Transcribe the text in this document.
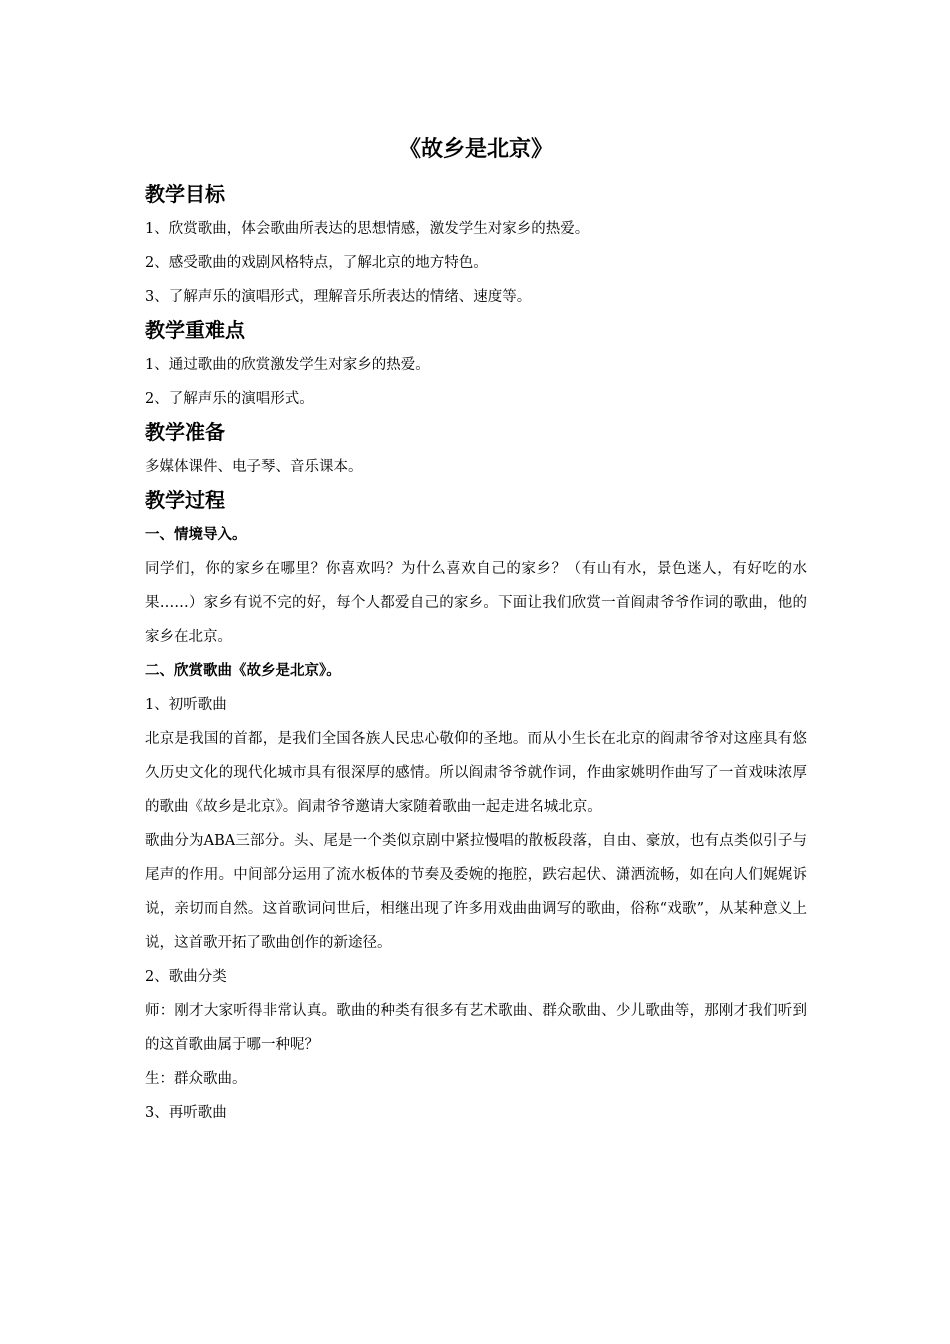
《故乡是北京》
教学目标
1、欣赏歌曲，体会歌曲所表达的思想情感，激发学生对家乡的热爱。
2、感受歌曲的戏剧风格特点，了解北京的地方特色。
3、了解声乐的演唱形式，理解音乐所表达的情绪、速度等。
教学重难点
1、通过歌曲的欣赏激发学生对家乡的热爱。
2、了解声乐的演唱形式。
教学准备
多媒体课件、电子琴、音乐课本。
教学过程
一、情境导入。
同学们，你的家乡在哪里？你喜欢吗？为什么喜欢自己的家乡？（有山有水，景色迷人，有好吃的水果……）家乡有说不完的好，每个人都爱自己的家乡。下面让我们欣赏一首阎肃爷爷作词的歌曲，他的家乡在北京。
二、欣赏歌曲《故乡是北京》。
1、初听歌曲
北京是我国的首都，是我们全国各族人民忠心敬仰的圣地。而从小生长在北京的阎肃爷爷对这座具有悠久历史文化的现代化城市具有很深厚的感情。所以阎肃爷爷就作词，作曲家姚明作曲写了一首戏味浓厚的歌曲《故乡是北京》。阎肃爷爷邀请大家随着歌曲一起走进名城北京。
歌曲分为ABA三部分。头、尾是一个类似京剧中紧拉慢唱的散板段落，自由、豪放，也有点类似引子与尾声的作用。中间部分运用了流水板体的节奏及委婉的拖腔，跌宕起伏、潇洒流畅，如在向人们娓娓诉说，亲切而自然。这首歌词问世后，相继出现了许多用戏曲曲调写的歌曲，俗称“戏歌”，从某种意义上说，这首歌开拓了歌曲创作的新途径。
2、歌曲分类
师：刚才大家听得非常认真。歌曲的种类有很多有艺术歌曲、群众歌曲、少儿歌曲等，那刚才我们听到的这首歌曲属于哪一种呢？
生：群众歌曲。
3、再听歌曲
